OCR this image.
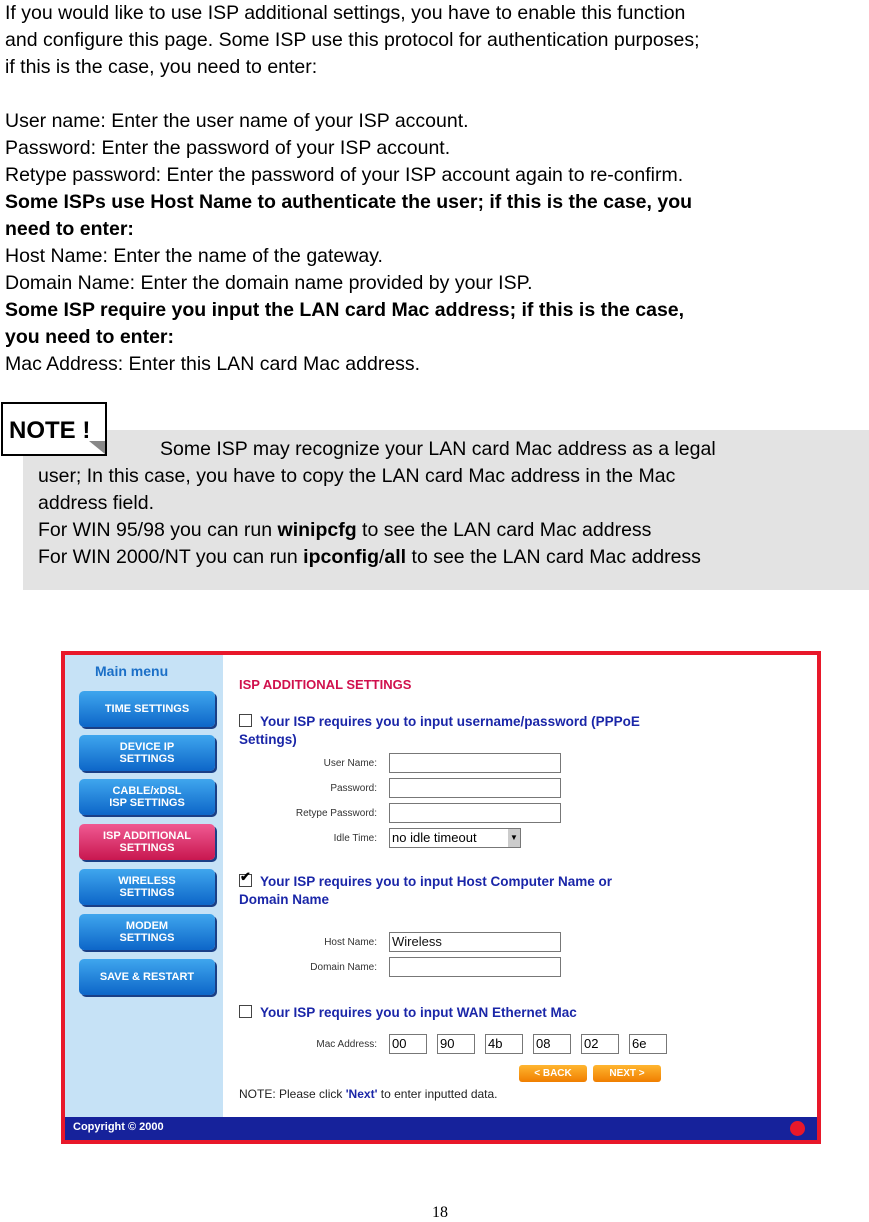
If you would like to use ISP additional settings, you have to enable this function

and configure this page. Some ISP use this protocol for authentication purposes;

if this is the case, you need to enter:

User name: Enter the user name of your ISP account.

Password: Enter the password of your ISP account.

Retype password: Enter the password of your ISP account again to re-confirm.

Some ISPs use Host Name to authenticate the user; if this is the case, you

need to enter:

Host Name: Enter the name of the gateway.

Domain Name: Enter the domain name provided by your ISP.

Some ISP require you input the LAN card Mac address; if this is the case,

you need to enter:

Mac Address: Enter this LAN card Mac address.

Some ISP may recognize your LAN card Mac address as a legal

user; In this case, you have to copy the LAN card Mac address in the Mac

address field.

For WIN 95/98 you can run winipcfg to see the LAN card Mac address

For WIN 2000/NT you can run ipconfig/all to see the LAN card Mac address

NOTE !
Main menu
TIME SETTINGS
DEVICE IP
SETTINGS
CABLE/xDSL
ISP SETTINGS
ISP ADDITIONAL
SETTINGS
WIRELESS
SETTINGS
MODEM
SETTINGS
SAVE & RESTART
ISP ADDITIONAL SETTINGS
Your ISP requires you to input username/password (PPPoE
Settings)
User Name:
Password:
Retype Password:
Idle Time: no idle timeout	▼
✔ Your ISP requires you to input Host Computer Name or
Domain Name
Host Name: Wireless
Domain Name:
Your ISP requires you to input WAN Ethernet Mac
Mac Address: 00	90	4b	08	02	6e
< BACK	NEXT >
NOTE: Please click 'Next' to enter inputted data.
Copyright © 2000
18
